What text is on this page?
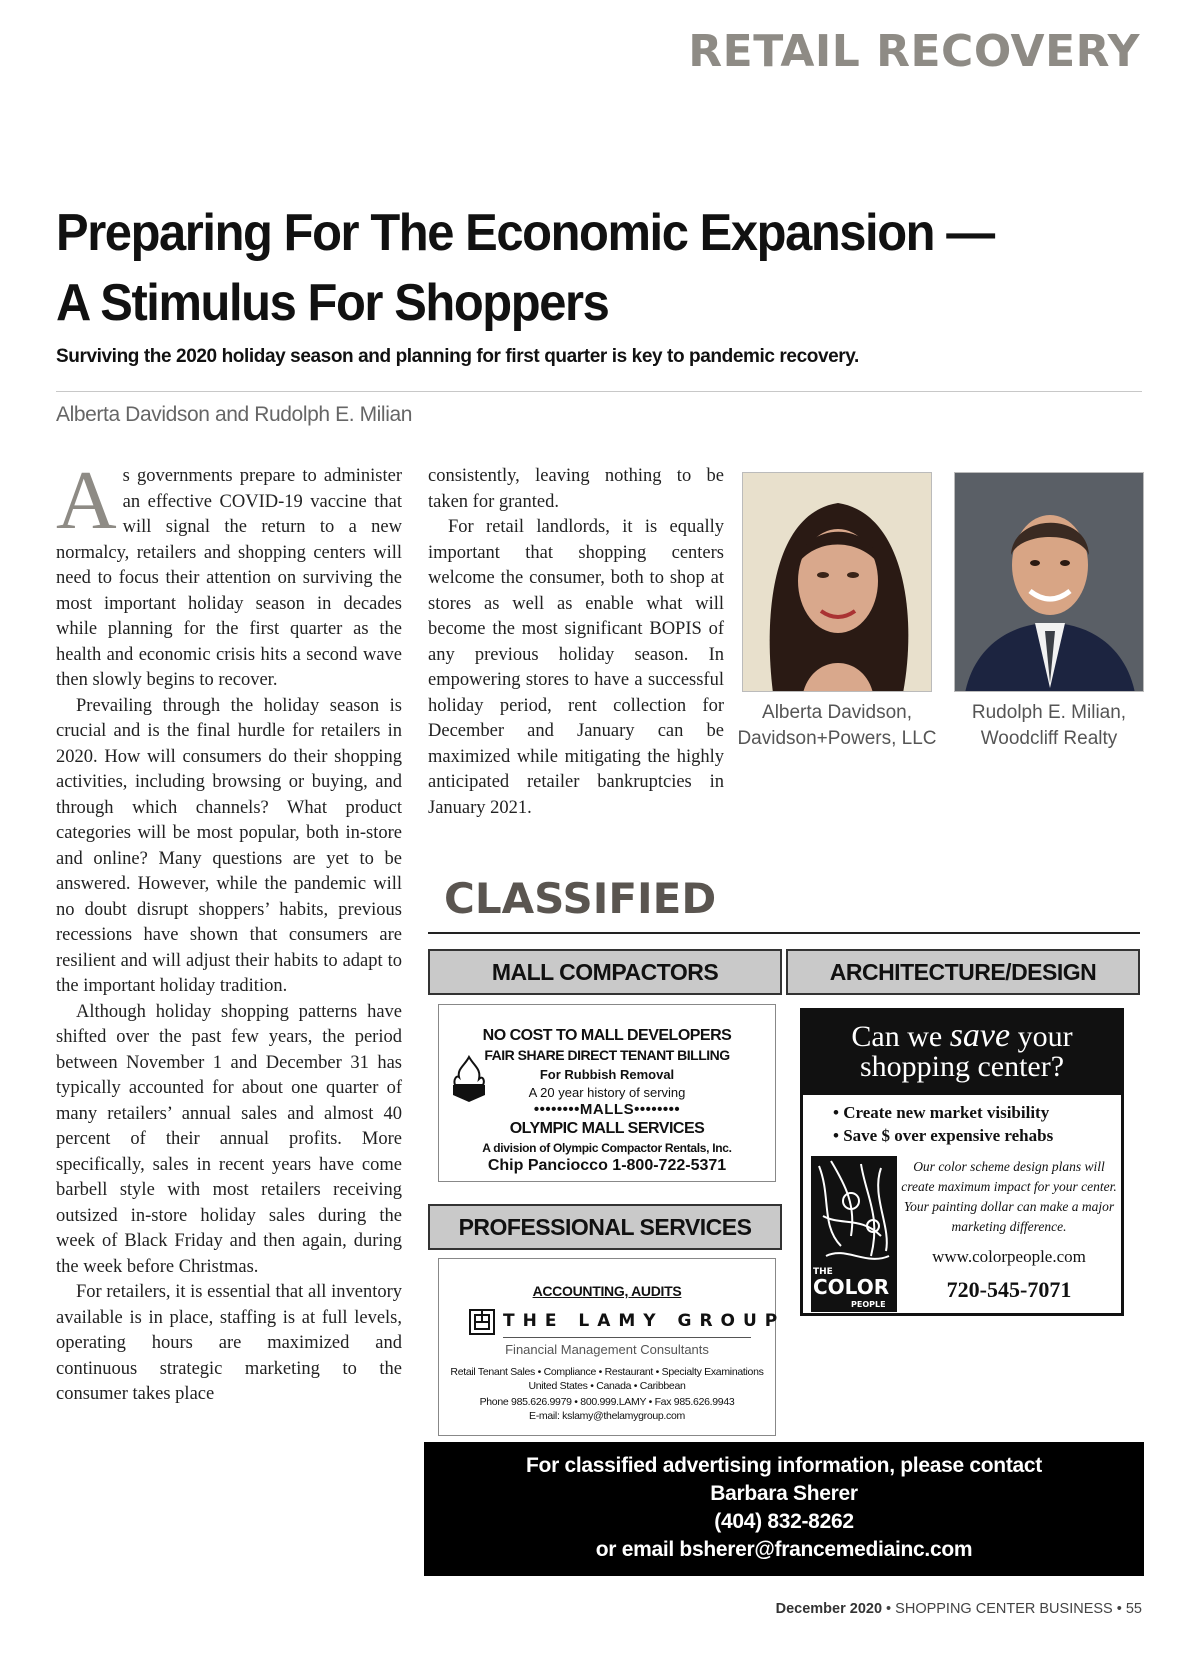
RETAIL RECOVERY
Preparing For The Economic Expansion —
A Stimulus For Shoppers
Surviving the 2020 holiday season and planning for first quarter is key to pandemic recovery.
Alberta Davidson and Rudolph E. Milian

As governments prepare to administer an effective COVID-19 vaccine that will signal the return to a new normalcy, retailers and shopping centers will need to focus their attention on surviving the most important holiday season in decades while planning for the first quarter as the health and economic crisis hits a second wave then slowly begins to recover.

Prevailing through the holiday season is crucial and is the final hurdle for retailers in 2020. How will consumers do their shopping activities, including browsing or buying, and through which channels? What product categories will be most popular, both in-store and online? Many questions are yet to be answered. However, while the pandemic will no doubt disrupt shoppers’ habits, previous recessions have shown that consumers are resilient and will adjust their habits to adapt to the important holiday tradition.

Although holiday shopping patterns have shifted over the past few years, the period between November 1 and December 31 has typically accounted for about one quarter of many retailers’ annual sales and almost 40 percent of their annual profits. More specifically, sales in recent years have come barbell style with most retailers receiving outsized in-store holiday sales during the week of Black Friday and then again, during the week before Christmas.

For retailers, it is essential that all inventory available is in place, staffing is at full levels, operating hours are maximized and continuous strategic marketing to the consumer takes place

consistently, leaving nothing to be taken for granted.

For retail landlords, it is equally important that shopping centers welcome the consumer, both to shop at stores as well as enable what will become the most significant BOPIS of any previous holiday season. In empowering stores to have a successful holiday period, rent collection for December and January can be maximized while mitigating the highly anticipated retailer bankruptcies in January 2021.

Alberta Davidson,
Davidson+Powers, LLC
Rudolph E. Milian,
Woodcliff Realty
CLASSIFIED
MALL COMPACTORS	ARCHITECTURE/DESIGN
PROFESSIONAL SERVICES
NO COST TO MALL DEVELOPERS
FAIR SHARE DIRECT TENANT BILLING
For Rubbish Removal
A 20 year history of serving
••••••••MALLS••••••••
OLYMPIC MALL SERVICES
A division of Olympic Compactor Rentals, Inc.
Chip Panciocco 1-800-722-5371
Can we save your
shopping center?
• Create new market visibility
• Save $ over expensive rehabs
THE
COLOR
PEOPLE
Our color scheme design plans will create maximum impact for your center. Your painting dollar can make a major marketing difference.
www.colorpeople.com
720-545-7071
ACCOUNTING, AUDITS
THE LAMY GROUP
Financial Management Consultants
Retail Tenant Sales • Compliance • Restaurant • Specialty Examinations
United States • Canada • Caribbean
Phone 985.626.9979 • 800.999.LAMY • Fax 985.626.9943
E-mail: kslamy@thelamygroup.com
For classified advertising information, please contact
Barbara Sherer
(404) 832-8262
or email bsherer@francemediainc.com
December 2020 • SHOPPING CENTER BUSINESS • 55
